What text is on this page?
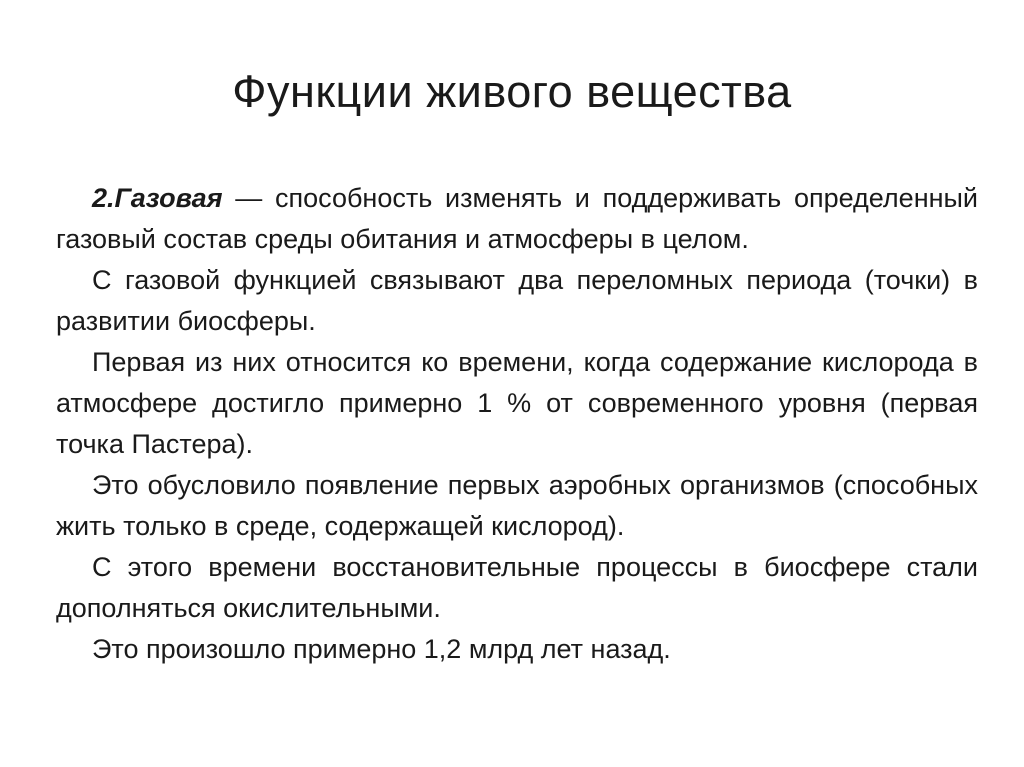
Функции живого вещества

2.Газовая — способность изменять и поддерживать определенный газовый состав среды обитания и атмосферы в целом.

С газовой функцией связывают два переломных периода (точки) в развитии биосферы.

Первая из них относится ко времени, когда содержание кислорода в атмосфере достигло примерно 1 % от современного уровня (первая точка Пастера).

Это обусловило появление первых аэробных организмов (способных жить только в среде, содержащей кислород).

С этого времени восстановительные процессы в биосфере стали дополняться окислительными.

Это произошло примерно 1,2 млрд лет назад.
